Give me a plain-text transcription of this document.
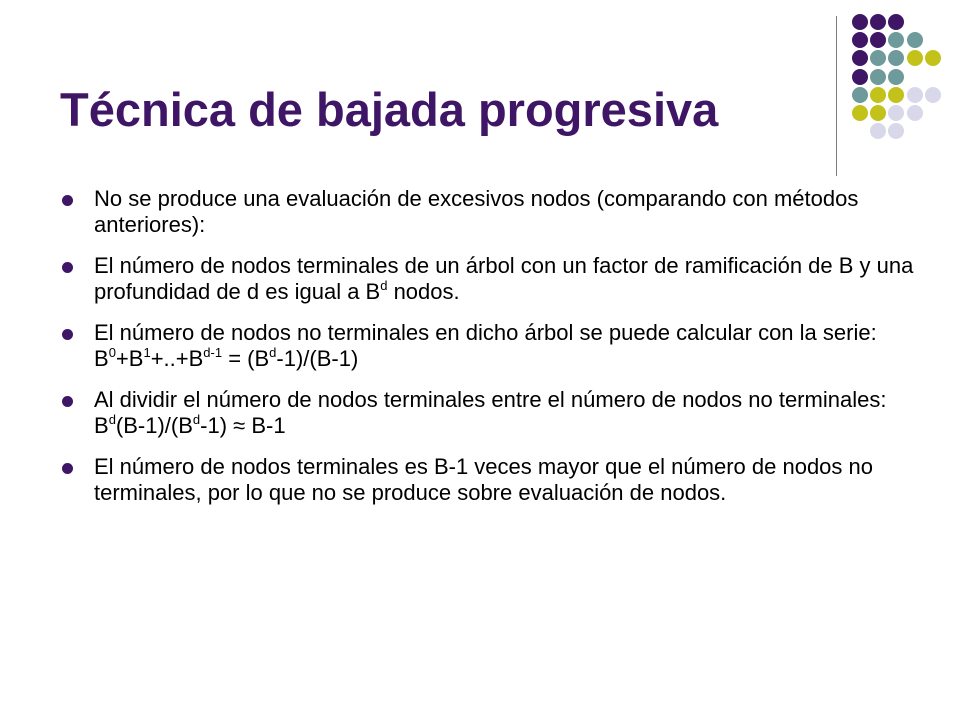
Técnica de bajada progresiva
No se produce una evaluación de excesivos nodos (comparando con métodos anteriores):
El número de nodos terminales de un árbol con un factor de ramificación de B y una profundidad de d es igual a $B^d$ nodos.
El número de nodos no terminales en dicho árbol se puede calcular con la serie: $B^0+B^1+..+B^{d-1} = (B^d-1)/(B-1)$
Al dividir el número de nodos terminales entre el número de nodos no terminales: $B^d(B-1)/(B^d-1) \approx B-1$
El número de nodos terminales es B-1 veces mayor que el número de nodos no terminales, por lo que no se produce sobre evaluación de nodos.
